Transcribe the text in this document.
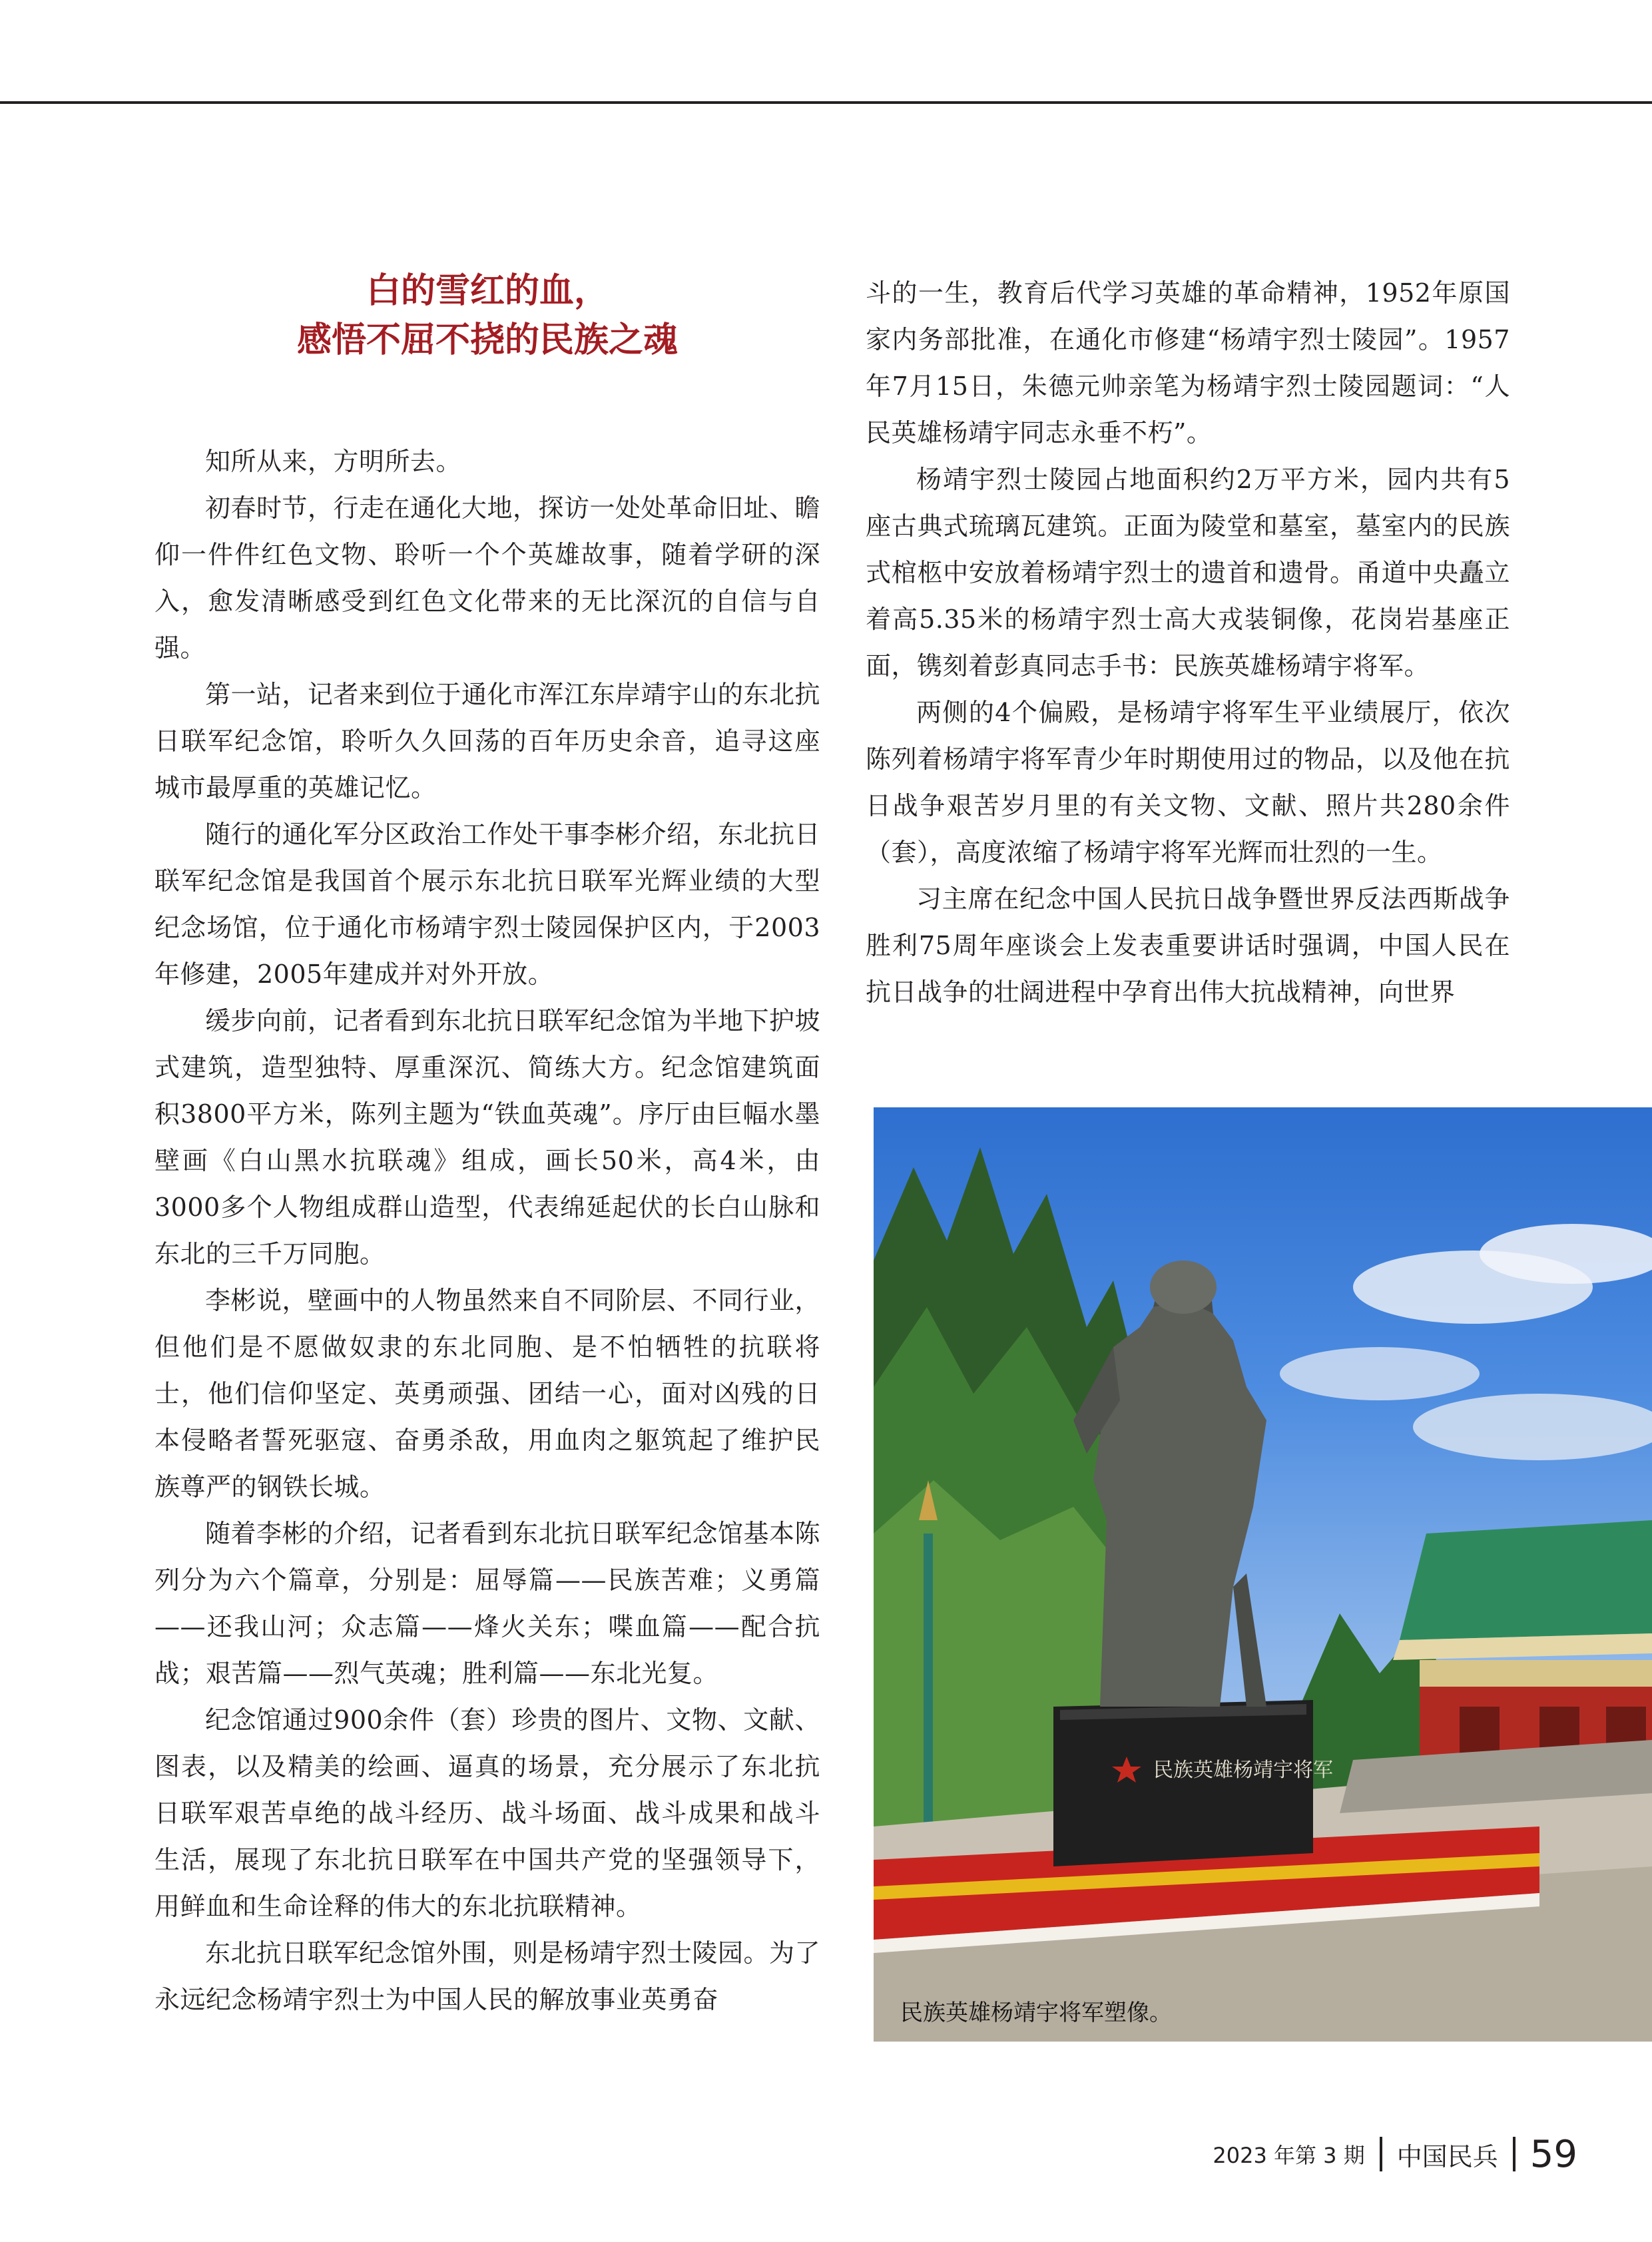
白的雪红的血，
感悟不屈不挠的民族之魂

知所从来，方明所去。

初春时节，行走在通化大地，探访一处处革命旧址、瞻仰一件件红色文物、聆听一个个英雄故事，随着学研的深入，愈发清晰感受到红色文化带来的无比深沉的自信与自强。

第一站，记者来到位于通化市浑江东岸靖宇山的东北抗日联军纪念馆，聆听久久回荡的百年历史余音，追寻这座城市最厚重的英雄记忆。

随行的通化军分区政治工作处干事李彬介绍，东北抗日联军纪念馆是我国首个展示东北抗日联军光辉业绩的大型纪念场馆，位于通化市杨靖宇烈士陵园保护区内，于2003年修建，2005年建成并对外开放。

缓步向前，记者看到东北抗日联军纪念馆为半地下护坡式建筑，造型独特、厚重深沉、简练大方。纪念馆建筑面积3800平方米，陈列主题为“铁血英魂”。序厅由巨幅水墨壁画《白山黑水抗联魂》组成，画长50米，高4米，由3000多个人物组成群山造型，代表绵延起伏的长白山脉和东北的三千万同胞。

李彬说，壁画中的人物虽然来自不同阶层、不同行业，但他们是不愿做奴隶的东北同胞、是不怕牺牲的抗联将士，他们信仰坚定、英勇顽强、团结一心，面对凶残的日本侵略者誓死驱寇、奋勇杀敌，用血肉之躯筑起了维护民族尊严的钢铁长城。

随着李彬的介绍，记者看到东北抗日联军纪念馆基本陈列分为六个篇章，分别是：屈辱篇——民族苦难；义勇篇——还我山河；众志篇——烽火关东；喋血篇——配合抗战；艰苦篇——烈气英魂；胜利篇——东北光复。

纪念馆通过900余件（套）珍贵的图片、文物、文献、图表，以及精美的绘画、逼真的场景，充分展示了东北抗日联军艰苦卓绝的战斗经历、战斗场面、战斗成果和战斗生活，展现了东北抗日联军在中国共产党的坚强领导下，用鲜血和生命诠释的伟大的东北抗联精神。

东北抗日联军纪念馆外围，则是杨靖宇烈士陵园。为了永远纪念杨靖宇烈士为中国人民的解放事业英勇奋

斗的一生，教育后代学习英雄的革命精神，1952年原国家内务部批准，在通化市修建“杨靖宇烈士陵园”。1957年7月15日，朱德元帅亲笔为杨靖宇烈士陵园题词：“人民英雄杨靖宇同志永垂不朽”。

杨靖宇烈士陵园占地面积约2万平方米，园内共有5座古典式琉璃瓦建筑。正面为陵堂和墓室，墓室内的民族式棺柩中安放着杨靖宇烈士的遗首和遗骨。甬道中央矗立着高5.35米的杨靖宇烈士高大戎装铜像，花岗岩基座正面，镌刻着彭真同志手书：民族英雄杨靖宇将军。

两侧的4个偏殿，是杨靖宇将军生平业绩展厅，依次陈列着杨靖宇将军青少年时期使用过的物品，以及他在抗日战争艰苦岁月里的有关文物、文献、照片共280余件（套），高度浓缩了杨靖宇将军光辉而壮烈的一生。

习主席在纪念中国人民抗日战争暨世界反法西斯战争胜利75周年座谈会上发表重要讲话时强调，中国人民在抗日战争的壮阔进程中孕育出伟大抗战精神，向世界

民族英雄杨靖宇将军
民族英雄杨靖宇将军塑像。
2023 年第 3 期 中国民兵 59
